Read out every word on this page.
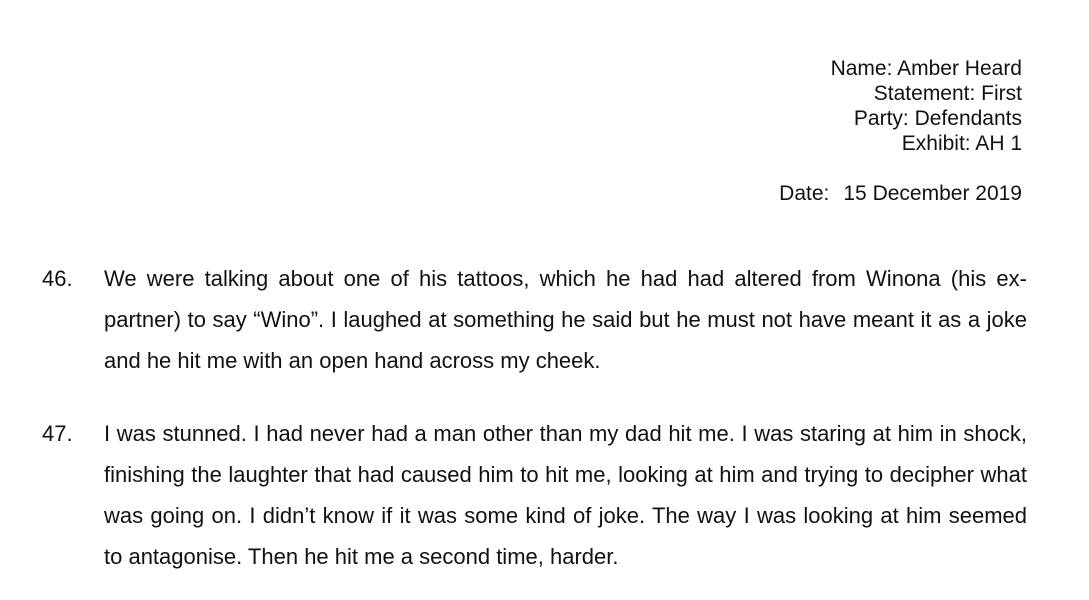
Name: Amber Heard
Statement: First
Party: Defendants
Exhibit: AH 1
Date: 15 December 2019
46.	We were talking about one of his tattoos, which he had had altered from Winona (his ex-partner) to say “Wino”. I laughed at something he said but he must not have meant it as a joke and he hit me with an open hand across my cheek.
47.	I was stunned. I had never had a man other than my dad hit me. I was staring at him in shock, finishing the laughter that had caused him to hit me, looking at him and trying to decipher what was going on. I didn’t know if it was some kind of joke. The way I was looking at him seemed to antagonise. Then he hit me a second time, harder.
